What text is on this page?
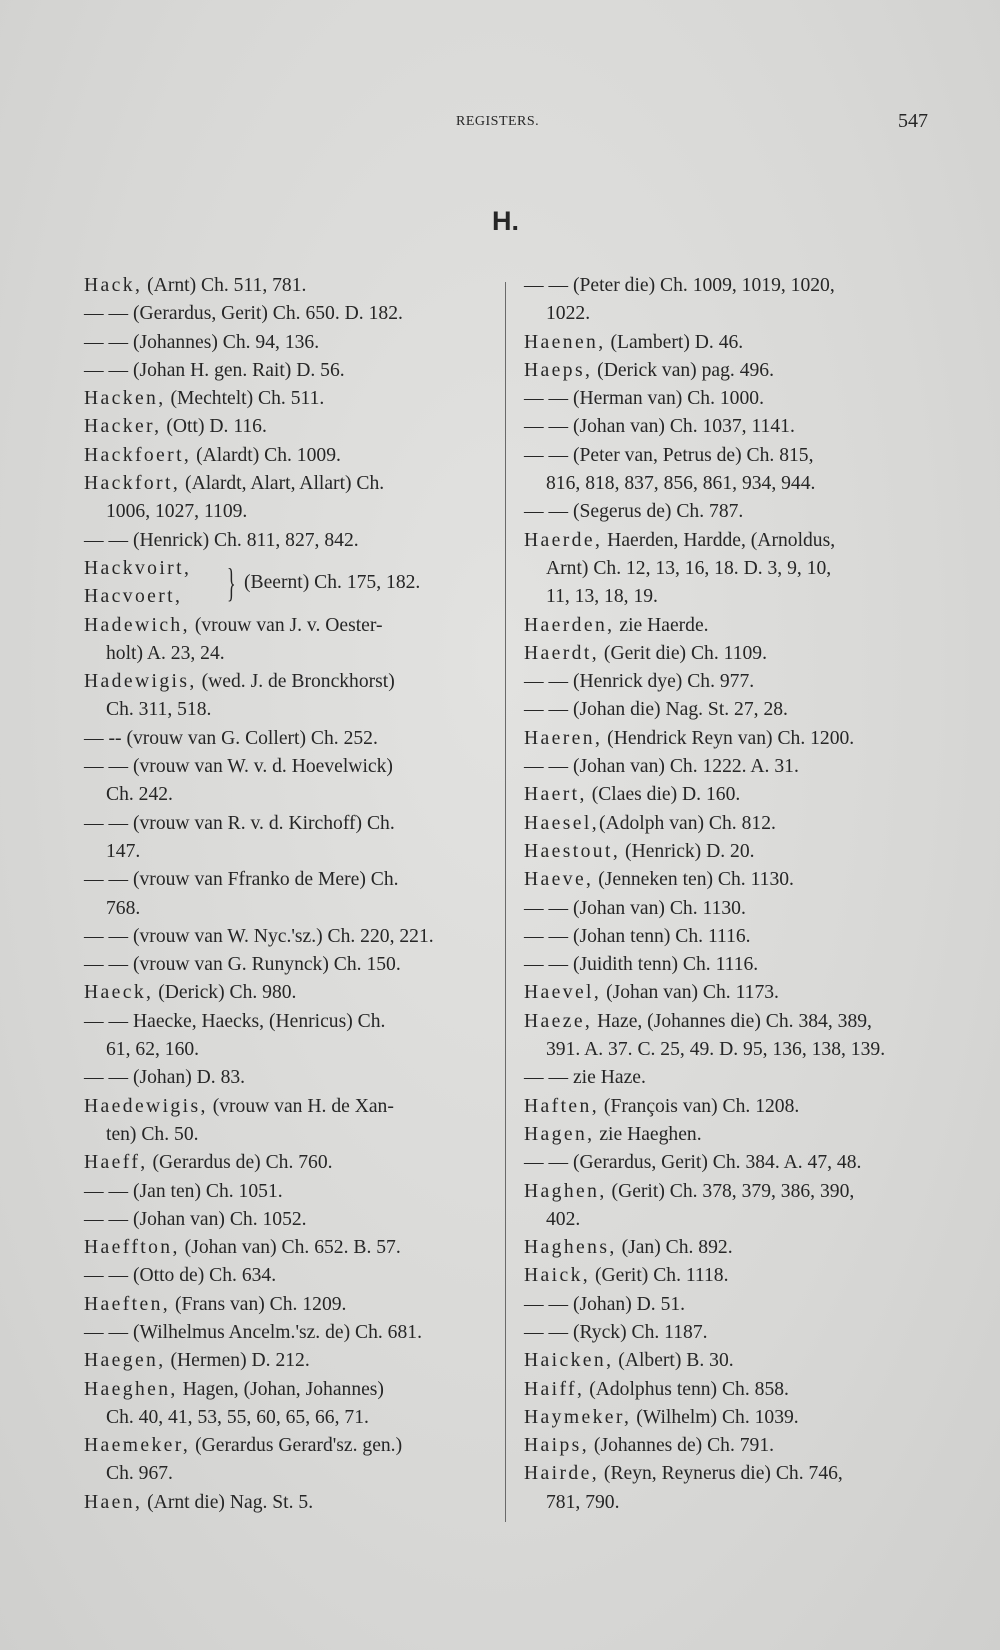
REGISTERS.	547
H.
Hack, (Arnt) Ch. 511, 781.
— — (Gerardus, Gerit) Ch. 650. D. 182.
— — (Johannes) Ch. 94, 136.
— — (Johan H. gen. Rait) D. 56.
Hacken, (Mechtelt) Ch. 511.
Hacker, (Ott) D. 116.
Hackfoert, (Alardt) Ch. 1009.
Hackfort, (Alardt, Alart, Allart) Ch.
1006, 1027, 1109.
— — (Henrick) Ch. 811, 827, 842.
Hackvoirt,
Hacvoert, } (Beernt) Ch. 175, 182.
Hadewich, (vrouw van J. v. Oester-
holt) A. 23, 24.
Hadewigis, (wed. J. de Bronckhorst)
Ch. 311, 518.
— -- (vrouw van G. Collert) Ch. 252.
— — (vrouw van W. v. d. Hoevelwick)
Ch. 242.
— — (vrouw van R. v. d. Kirchoff) Ch.
147.
— — (vrouw van Ffranko de Mere) Ch.
768.
— — (vrouw van W. Nyc.'sz.) Ch. 220, 221.
— — (vrouw van G. Runynck) Ch. 150.
Haeck, (Derick) Ch. 980.
— — Haecke, Haecks, (Henricus) Ch.
61, 62, 160.
— — (Johan) D. 83.
Haedewigis, (vrouw van H. de Xan-
ten) Ch. 50.
Haeff, (Gerardus de) Ch. 760.
— — (Jan ten) Ch. 1051.
— — (Johan van) Ch. 1052.
Haeffton, (Johan van) Ch. 652. B. 57.
— — (Otto de) Ch. 634.
Haeften, (Frans van) Ch. 1209.
— — (Wilhelmus Ancelm.'sz. de) Ch. 681.
Haegen, (Hermen) D. 212.
Haeghen, Hagen, (Johan, Johannes)
Ch. 40, 41, 53, 55, 60, 65, 66, 71.
Haemeker, (Gerardus Gerard'sz. gen.)
Ch. 967.
Haen, (Arnt die) Nag. St. 5.
— — (Peter die) Ch. 1009, 1019, 1020,
1022.
Haenen, (Lambert) D. 46.
Haeps, (Derick van) pag. 496.
— — (Herman van) Ch. 1000.
— — (Johan van) Ch. 1037, 1141.
— — (Peter van, Petrus de) Ch. 815,
816, 818, 837, 856, 861, 934, 944.
— — (Segerus de) Ch. 787.
Haerde, Haerden, Hardde, (Arnoldus,
Arnt) Ch. 12, 13, 16, 18. D. 3, 9, 10,
11, 13, 18, 19.
Haerden, zie Haerde.
Haerdt, (Gerit die) Ch. 1109.
— — (Henrick dye) Ch. 977.
— — (Johan die) Nag. St. 27, 28.
Haeren, (Hendrick Reyn van) Ch. 1200.
— — (Johan van) Ch. 1222. A. 31.
Haert, (Claes die) D. 160.
Haesel,(Adolph van) Ch. 812.
Haestout, (Henrick) D. 20.
Haeve, (Jenneken ten) Ch. 1130.
— — (Johan van) Ch. 1130.
— — (Johan tenn) Ch. 1116.
— — (Juidith tenn) Ch. 1116.
Haevel, (Johan van) Ch. 1173.
Haeze, Haze, (Johannes die) Ch. 384, 389,
391. A. 37. C. 25, 49. D. 95, 136, 138, 139.
— — zie Haze.
Haften, (François van) Ch. 1208.
Hagen, zie Haeghen.
— — (Gerardus, Gerit) Ch. 384. A. 47, 48.
Haghen, (Gerit) Ch. 378, 379, 386, 390,
402.
Haghens, (Jan) Ch. 892.
Haick, (Gerit) Ch. 1118.
— — (Johan) D. 51.
— — (Ryck) Ch. 1187.
Haicken, (Albert) B. 30.
Haiff, (Adolphus tenn) Ch. 858.
Haymeker, (Wilhelm) Ch. 1039.
Haips, (Johannes de) Ch. 791.
Hairde, (Reyn, Reynerus die) Ch. 746,
781, 790.
